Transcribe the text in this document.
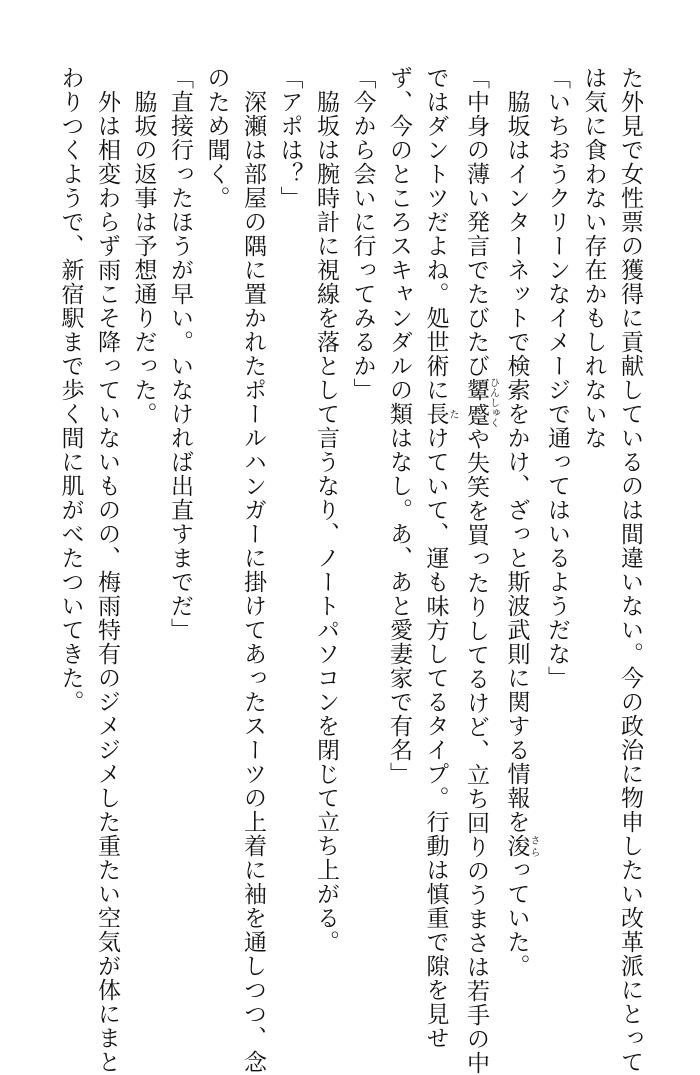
た外見で女性票の獲得に貢献しているのは間違いない。今の政治に物申したい改革派にとって
は気に食わない存在かもしれないな
「いちおうクリーンなイメージで通ってはいるようだな」
　脇坂はインターネットで検索をかけ、ざっと斯波武則に関する情報を浚さらっていた。
「中身の薄い発言でたびたび顰蹙ひんしゅくや失笑を買ったりしてるけど、立ち回りのうまさは若手の中
ではダントツだよね。処世術に長たけていて、運も味方してるタイプ。行動は慎重で隙を見せ
ず、今のところスキャンダルの類はなし。あ、あと愛妻家で有名」
「今から会いに行ってみるか」
　脇坂は腕時計に視線を落として言うなり、ノートパソコンを閉じて立ち上がる。
「アポは？」
　深瀬は部屋の隅に置かれたポールハンガーに掛けてあったスーツの上着に袖を通しつつ、念
のため聞く。
「直接行ったほうが早い。いなければ出直すまでだ」
　脇坂の返事は予想通りだった。
　外は相変わらず雨こそ降っていないものの、梅雨特有のジメジメした重たい空気が体にまと
わりつくようで、新宿駅まで歩く間に肌がべたついてきた。
